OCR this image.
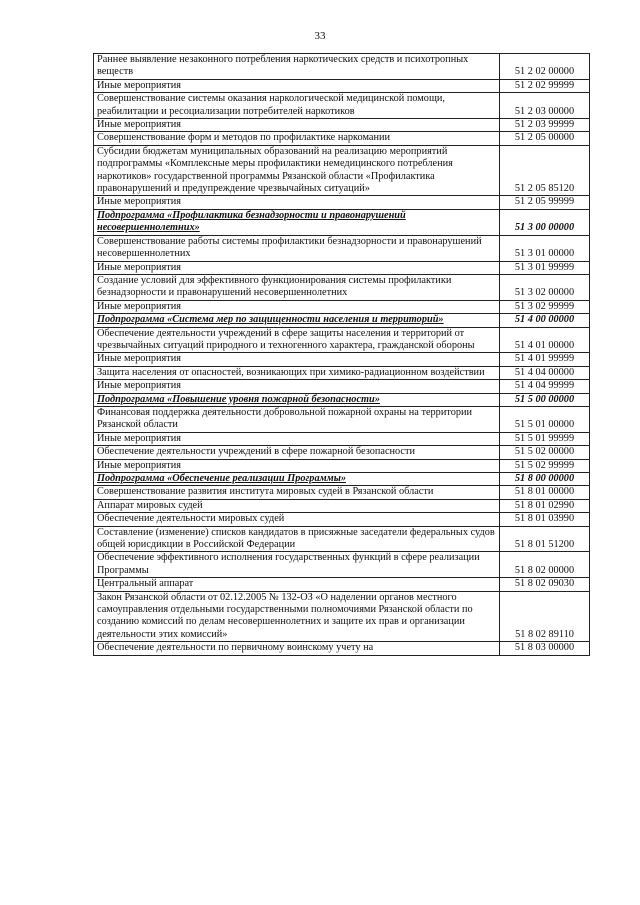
33
Раннее выявление незаконного потребления наркотических средств и психотропных веществ	51 2 02 00000
Иные мероприятия	51 2 02 99999
Совершенствование системы оказания наркологической медицинской помощи, реабилитации и ресоциализации потребителей наркотиков	51 2 03 00000
Иные мероприятия	51 2 03 99999
Совершенствование форм и методов по профилактике наркомании	51 2 05 00000
Субсидии бюджетам муниципальных образований на реализацию мероприятий подпрограммы «Комплексные меры профилактики немедицинского потребления наркотиков» государственной программы Рязанской области «Профилактика правонарушений и предупреждение чрезвычайных ситуаций»	51 2 05 85120
Иные мероприятия	51 2 05 99999
Подпрограмма «Профилактика безнадзорности и правонарушений несовершеннолетних»	51 3 00 00000
Совершенствование работы системы профилактики безнадзорности и правонарушений несовершеннолетних	51 3 01 00000
Иные мероприятия	51 3 01 99999
Создание условий для эффективного функционирования системы профилактики безнадзорности и правонарушений несовершеннолетних	51 3 02 00000
Иные мероприятия	51 3 02 99999
Подпрограмма «Система мер по защищенности населения и территорий»	51 4 00 00000
Обеспечение деятельности учреждений в сфере защиты населения и территорий от чрезвычайных ситуаций природного и техногенного характера, гражданской обороны	51 4 01 00000
Иные мероприятия	51 4 01 99999
Защита населения от опасностей, возникающих при химико-радиационном воздействии	51 4 04 00000
Иные мероприятия	51 4 04 99999
Подпрограмма «Повышение уровня пожарной безопасности»	51 5 00 00000
Финансовая поддержка деятельности добровольной пожарной охраны на территории Рязанской области	51 5 01 00000
Иные мероприятия	51 5 01 99999
Обеспечение деятельности учреждений в сфере пожарной безопасности	51 5 02 00000
Иные мероприятия	51 5 02 99999
Подпрограмма «Обеспечение реализации Программы»	51 8 00 00000
Совершенствование развития института мировых судей в Рязанской области	51 8 01 00000
Аппарат мировых судей	51 8 01 02990
Обеспечение деятельности мировых судей	51 8 01 03990
Составление (изменение) списков кандидатов в присяжные заседатели федеральных судов общей юрисдикции в Российской Федерации	51 8 01 51200
Обеспечение эффективного исполнения государственных функций в сфере реализации Программы	51 8 02 00000
Центральный аппарат	51 8 02 09030
Закон Рязанской области от 02.12.2005 № 132-ОЗ «О наделении органов местного самоуправления отдельными государственными полномочиями Рязанской области по созданию комиссий по делам несовершеннолетних и защите их прав и организации деятельности этих комиссий»	51 8 02 89110
Обеспечение деятельности по первичному воинскому учету на	51 8 03 00000
